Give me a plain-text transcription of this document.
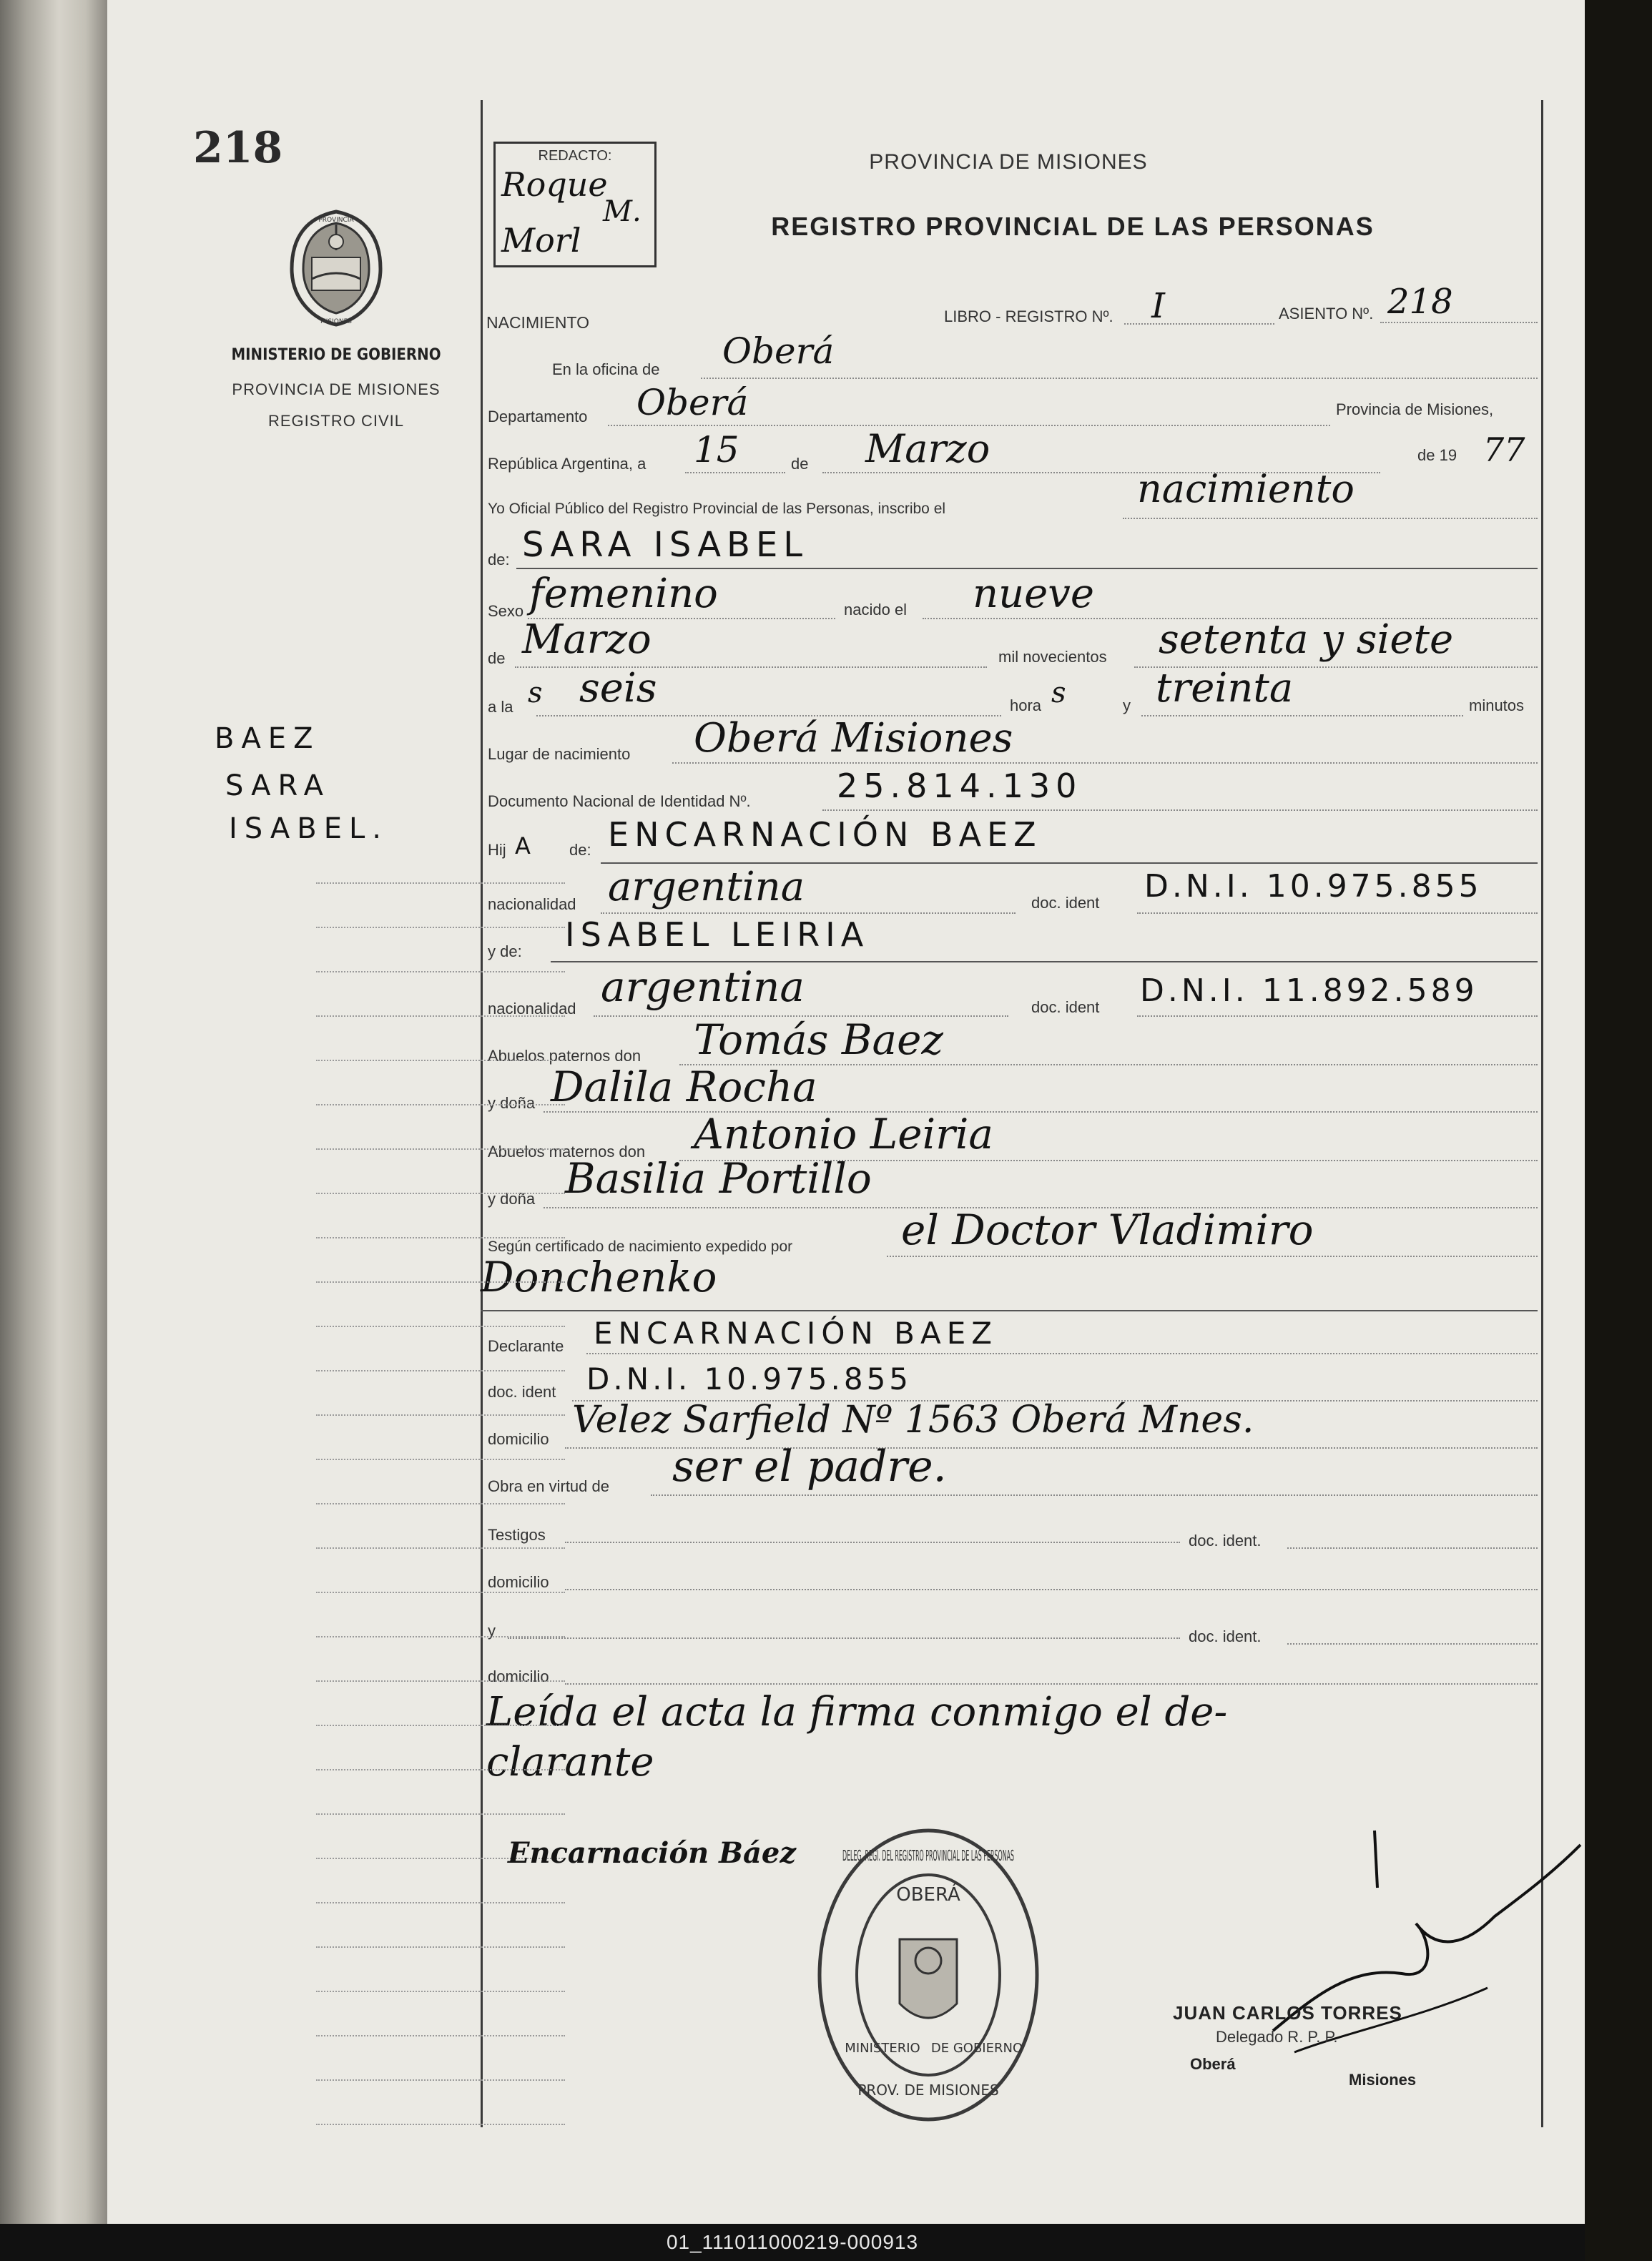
218
PROVINCIA
MISIONES
MINISTERIO DE GOBIERNO
PROVINCIA DE MISIONES
REGISTRO CIVIL
REDACTO:
Roque
M.
Morl
PROVINCIA DE MISIONES
REGISTRO PROVINCIAL DE LAS PERSONAS
NACIMIENTO	LIBRO - REGISTRO Nº. I	ASIENTO Nº. 218
En la oficina de Oberá
Departamento Oberá	Provincia de Misiones,
República Argentina, a 15	de Marzo	de 19 77
Yo Oficial Público del Registro Provincial de las Personas, inscribo el	nacimiento
de: SARA ISABEL
Sexo femenino	nacido el nueve
de Marzo	mil novecientos setenta y siete
a la s seis	hora s	y treinta	minutos
Lugar de nacimiento Oberá Misiones
Documento Nacional de Identidad Nº.	25.814.130
Hij A de: ENCARNACIÓN BAEZ
nacionalidad argentina	doc. ident D.N.I. 10.975.855
y de: ISABEL LEIRIA
nacionalidad argentina	doc. ident D.N.I. 11.892.589
Abuelos paternos don Tomás Baez
y doña Dalila Rocha
Abuelos maternos don Antonio Leiria
y doña Basilia Portillo
Según certificado de nacimiento expedido por	el Doctor Vladimiro
Donchenko
Declarante ENCARNACIÓN BAEZ
doc. ident D.N.I. 10.975.855
domicilio Velez Sarfield Nº 1563 Oberá Mnes.
Obra en virtud de ser el padre.
Testigos	doc. ident.
domicilio
y	doc. ident.
domicilio
Leída el acta la firma conmigo el de-
clarante
BAEZ
SARA
ISABEL.
Encarnación Báez	DELEG. REGI. DEL REGISTRO PROVINCIAL DE LAS PERSONAS
OBERÁ
MINISTERIO DE GOBIERNO
PROV. DE MISIONES
JUAN CARLOS TORRES
Delegado R. P. P.
Oberá
Misiones
01_111011000219-000913
